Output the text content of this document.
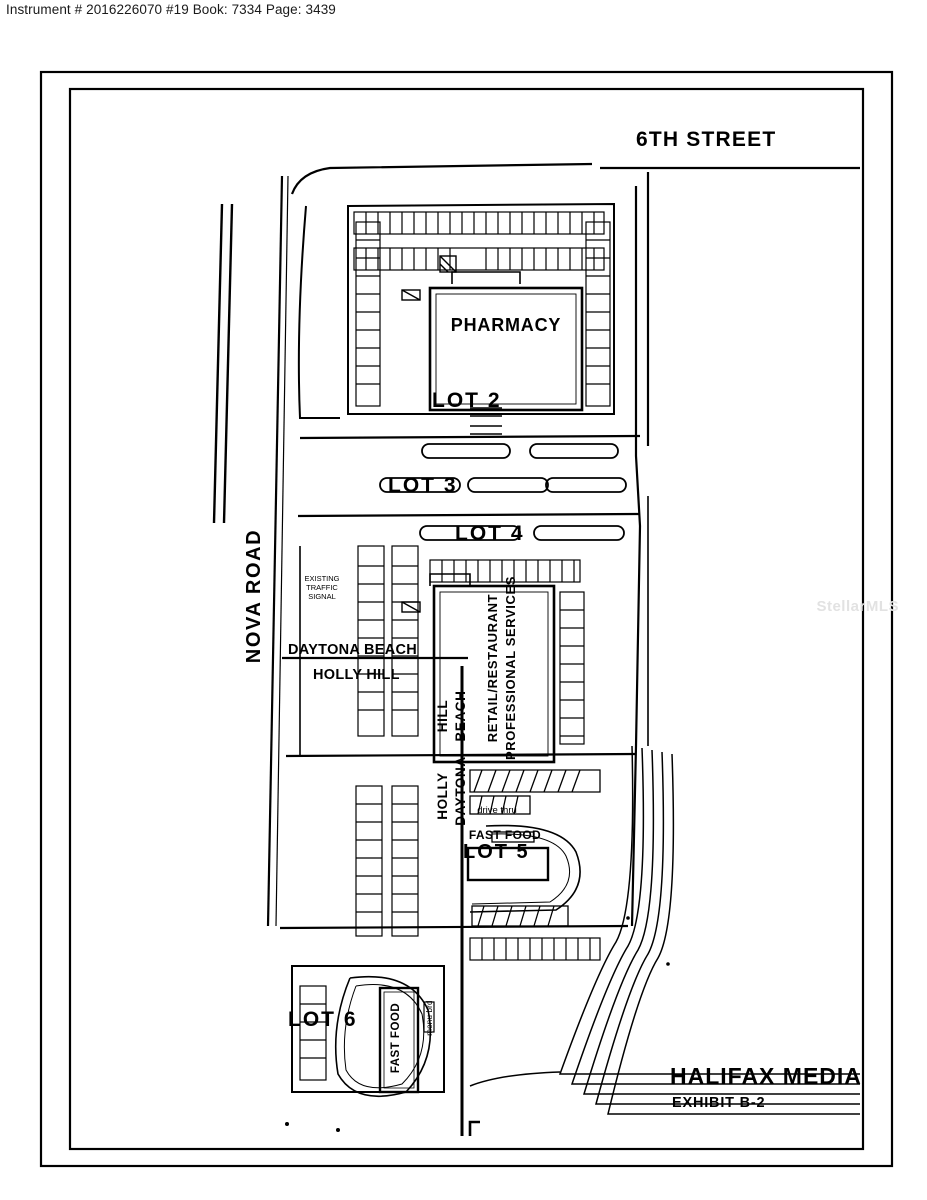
Instrument # 2016226070 #19 Book: 7334 Page: 3439
6TH STREET
NOVA ROAD
PHARMACY
LOT 2
LOT 3
LOT 4
LOT 5
LOT 6
RETAIL/RESTAURANT PROFESSIONAL SERVICES
DAYTONA BEACH
HOLLY HILL
HILL BEACH
HOLLY DAYTONA drive thru
FAST FOOD
FAST FOOD	menu brd
EXISTING
TRAFFIC
SIGNAL
HALIFAX MEDIA
EXHIBIT B-2
StellarMLS
